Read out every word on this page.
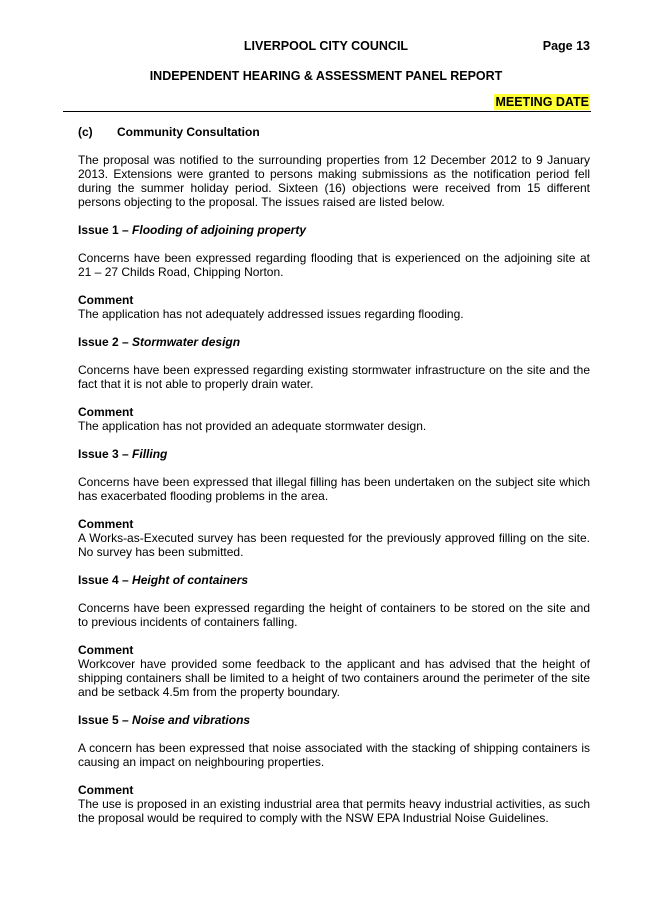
LIVERPOOL CITY COUNCIL	Page 13
INDEPENDENT HEARING & ASSESSMENT PANEL REPORT
MEETING DATE
(c) Community Consultation

The proposal was notified to the surrounding properties from 12 December 2012 to 9 January 2013. Extensions were granted to persons making submissions as the notification period fell during the summer holiday period. Sixteen (16) objections were received from 15 different persons objecting to the proposal. The issues raised are listed below.

Issue 1 – Flooding of adjoining property

Concerns have been expressed regarding flooding that is experienced on the adjoining site at 21 – 27 Childs Road, Chipping Norton.

Comment
The application has not adequately addressed issues regarding flooding.
Issue 2 – Stormwater design

Concerns have been expressed regarding existing stormwater infrastructure on the site and the fact that it is not able to properly drain water.

Comment
The application has not provided an adequate stormwater design.
Issue 3 – Filling

Concerns have been expressed that illegal filling has been undertaken on the subject site which has exacerbated flooding problems in the area.

Comment
A Works-as-Executed survey has been requested for the previously approved filling on the site. No survey has been submitted.
Issue 4 – Height of containers

Concerns have been expressed regarding the height of containers to be stored on the site and to previous incidents of containers falling.

Comment
Workcover have provided some feedback to the applicant and has advised that the height of shipping containers shall be limited to a height of two containers around the perimeter of the site and be setback 4.5m from the property boundary.
Issue 5 – Noise and vibrations

A concern has been expressed that noise associated with the stacking of shipping containers is causing an impact on neighbouring properties.

Comment
The use is proposed in an existing industrial area that permits heavy industrial activities, as such the proposal would be required to comply with the NSW EPA Industrial Noise Guidelines.
